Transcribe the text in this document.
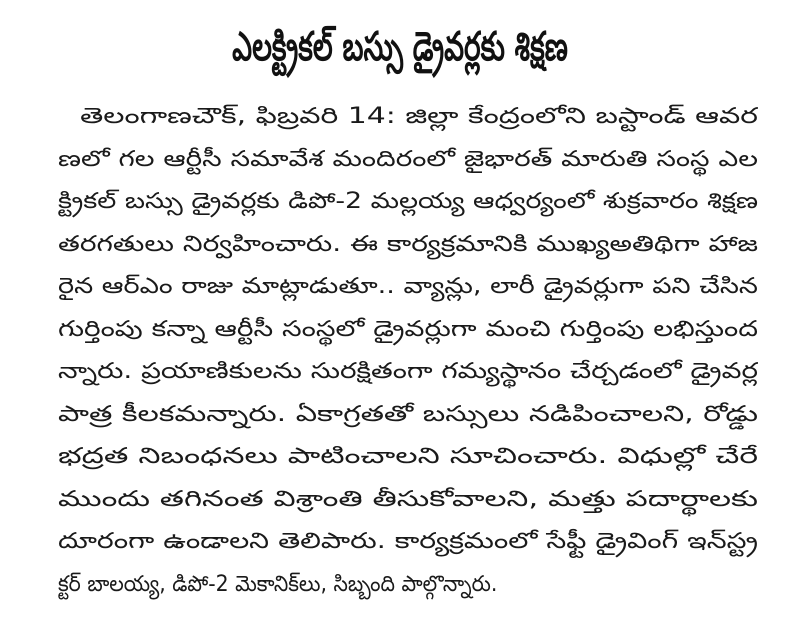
ఎలక్ట్రికల్ బస్సు డ్రైవర్లకు శిక్షణ
తెలంగాణచౌక్, ఫిబ్రవరి 14: జిల్లా కేంద్రంలోని బస్టాండ్ ఆవర
ణలో గల ఆర్టీసీ సమావేశ మందిరంలో జైభారత్ మారుతి సంస్థ ఎల
క్ట్రికల్ బస్సు డ్రైవర్లకు డిపో-2 మల్లయ్య ఆధ్వర్యంలో శుక్రవారం శిక్షణ
తరగతులు నిర్వహించారు. ఈ కార్యక్రమానికి ముఖ్యఅతిథిగా హాజ
రైన ఆర్ఎం రాజు మాట్లాడుతూ.. వ్యాన్లు, లారీ డ్రైవర్లుగా పని చేసిన
గుర్తింపు కన్నా ఆర్టీసీ సంస్థలో డ్రైవర్లుగా మంచి గుర్తింపు లభిస్తుంద
న్నారు. ప్రయాణికులను సురక్షితంగా గమ్యస్థానం చేర్చడంలో డ్రైవర్ల
పాత్ర కీలకమన్నారు. ఏకాగ్రతతో బస్సులు నడిపించాలని, రోడ్డు
భద్రత నిబంధనలు పాటించాలని సూచించారు. విధుల్లో చేరే
ముందు తగినంత విశ్రాంతి తీసుకోవాలని, మత్తు పదార్థాలకు
దూరంగా ఉండాలని తెలిపారు. కార్యక్రమంలో సేఫ్టీ డ్రైవింగ్ ఇన్‌స్ట్ర
క్టర్ బాలయ్య, డిపో-2 మెకానిక్‌లు, సిబ్బంది పాల్గొన్నారు.
